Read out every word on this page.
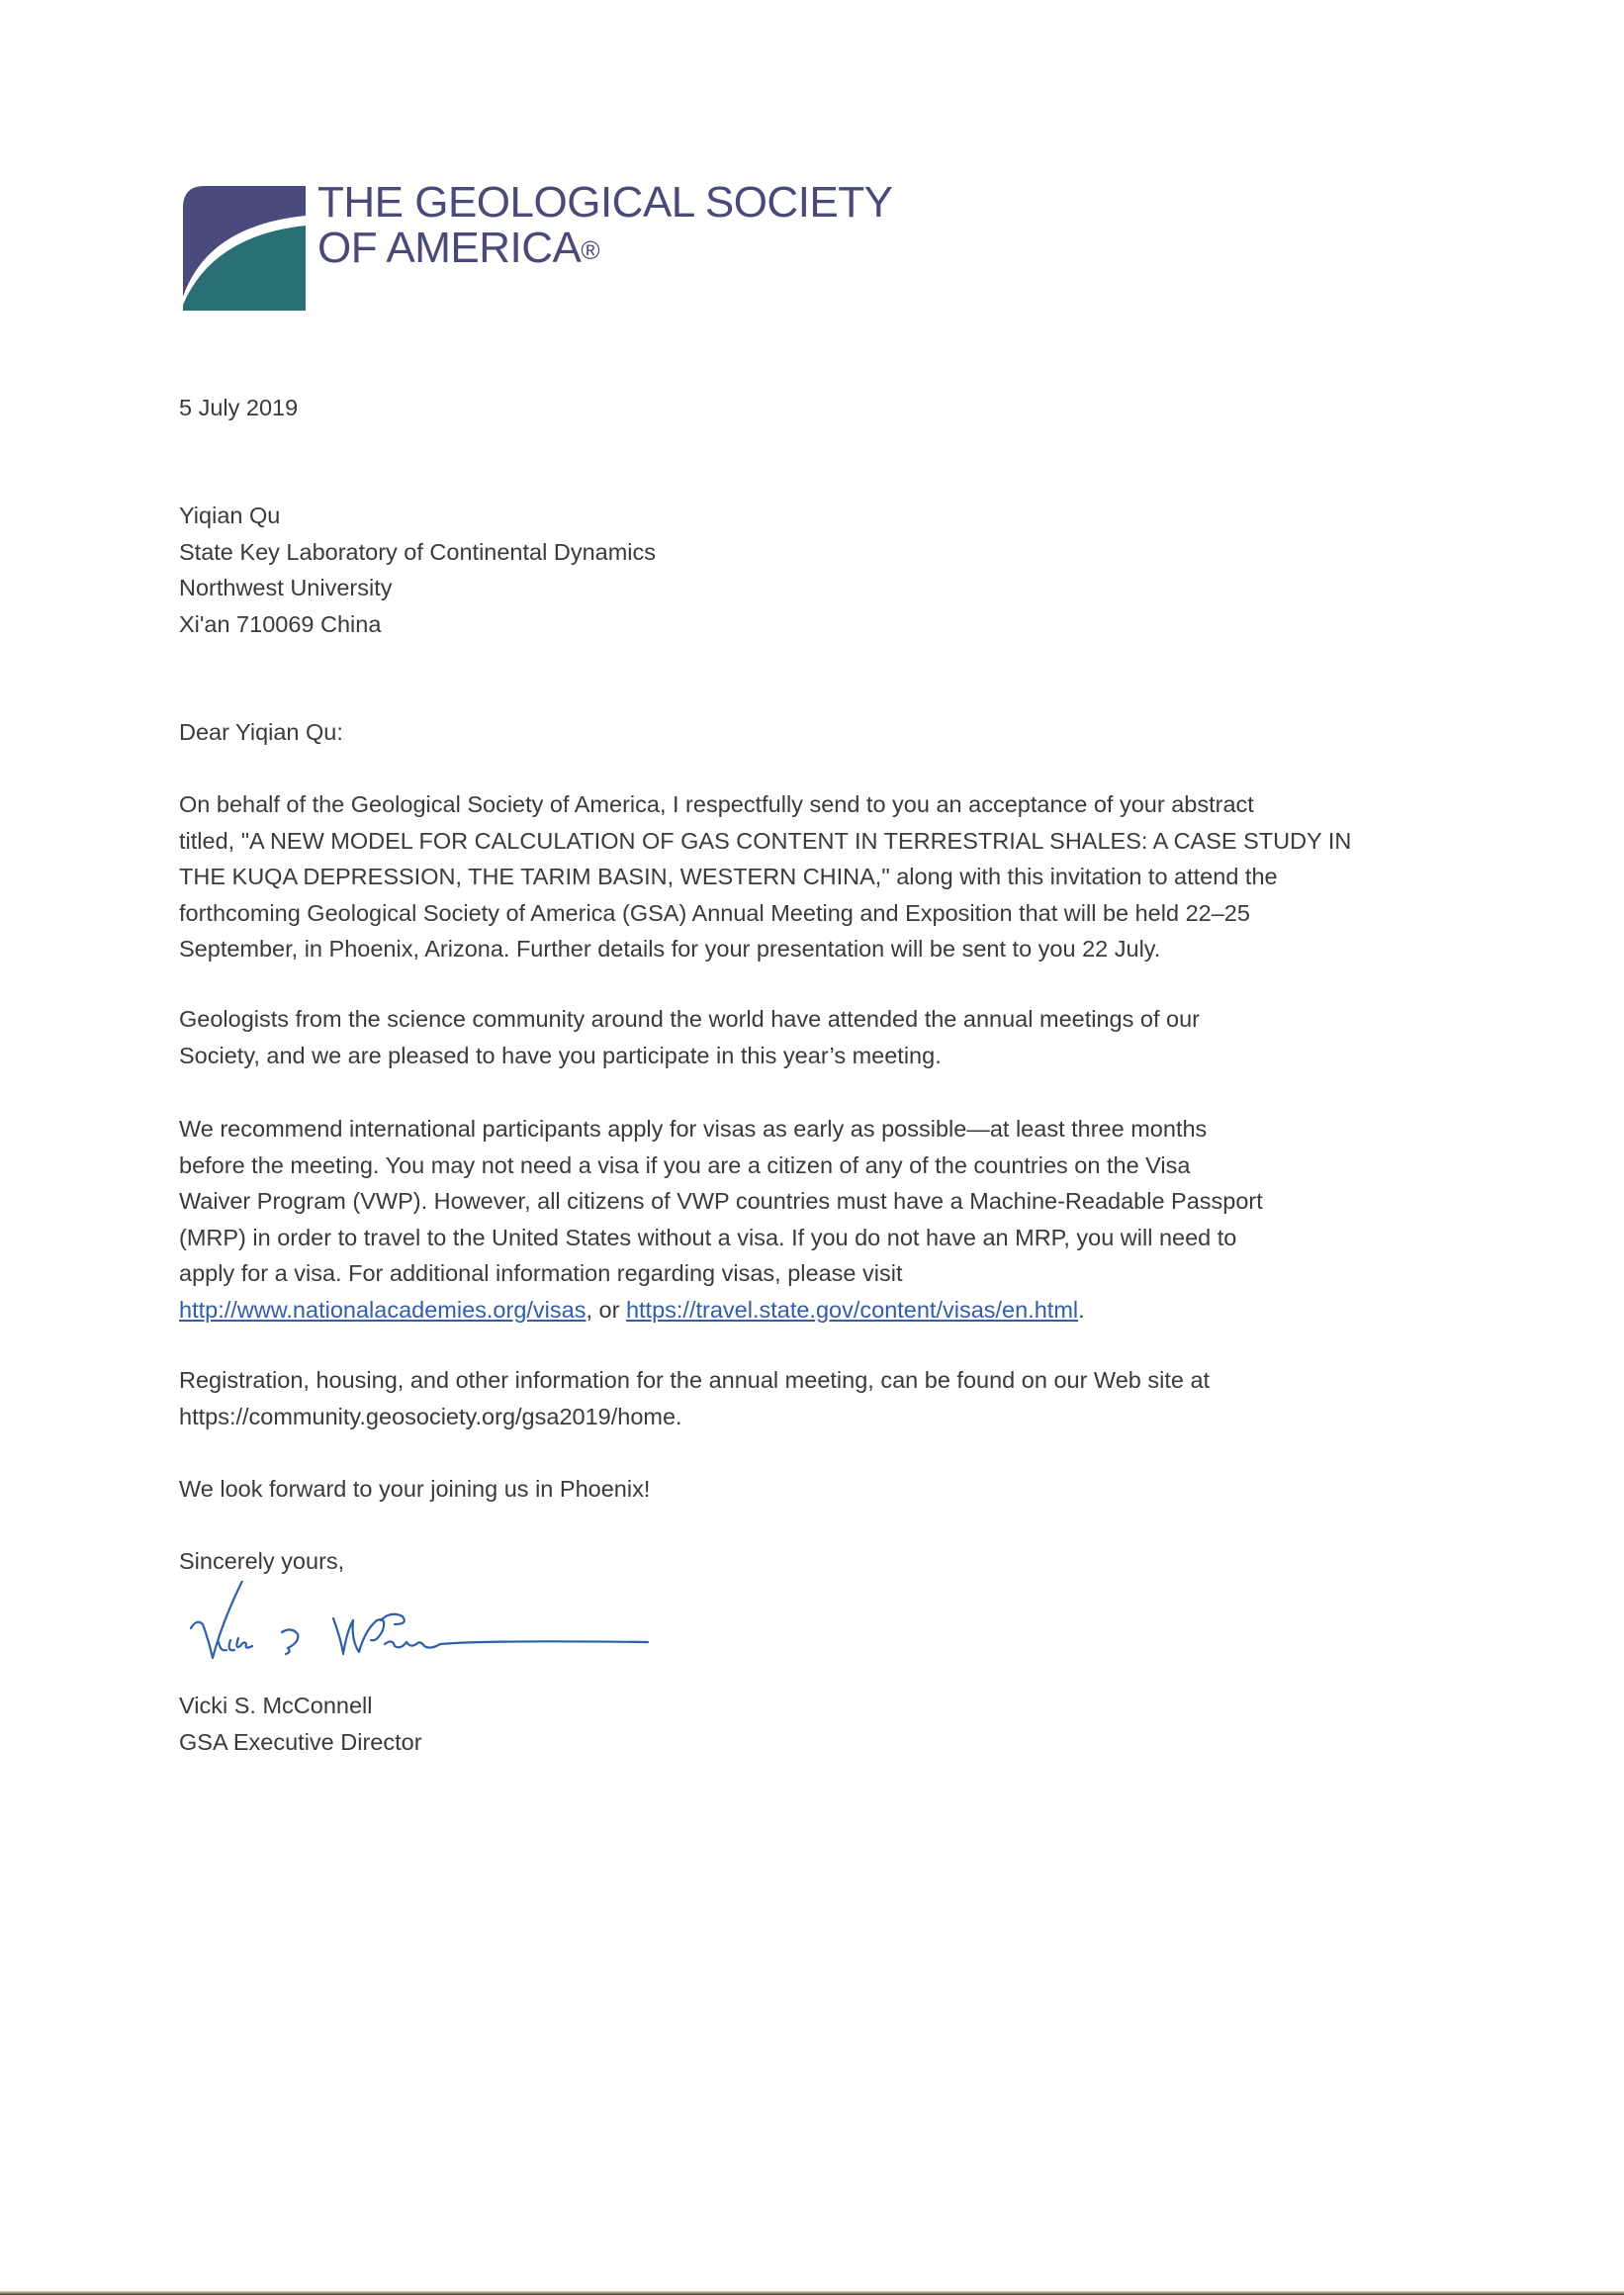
THE GEOLOGICAL SOCIETY
OF AMERICA®
5 July 2019
Yiqian Qu
State Key Laboratory of Continental Dynamics
Northwest University
Xi'an 710069 China
Dear Yiqian Qu:
On behalf of the Geological Society of America, I respectfully send to you an acceptance of your abstract
titled, "A NEW MODEL FOR CALCULATION OF GAS CONTENT IN TERRESTRIAL SHALES: A CASE STUDY IN
THE KUQA DEPRESSION, THE TARIM BASIN, WESTERN CHINA," along with this invitation to attend the
forthcoming Geological Society of America (GSA) Annual Meeting and Exposition that will be held 22–25
September, in Phoenix, Arizona. Further details for your presentation will be sent to you 22 July.
Geologists from the science community around the world have attended the annual meetings of our
Society, and we are pleased to have you participate in this year’s meeting.
We recommend international participants apply for visas as early as possible—at least three months
before the meeting. You may not need a visa if you are a citizen of any of the countries on the Visa
Waiver Program (VWP). However, all citizens of VWP countries must have a Machine-Readable Passport
(MRP) in order to travel to the United States without a visa. If you do not have an MRP, you will need to
apply for a visa. For additional information regarding visas, please visit
http://www.nationalacademies.org/visas, or https://travel.state.gov/content/visas/en.html.
Registration, housing, and other information for the annual meeting, can be found on our Web site at
https://community.geosociety.org/gsa2019/home.
We look forward to your joining us in Phoenix!
Sincerely yours,
Vicki S. McConnell
GSA Executive Director
